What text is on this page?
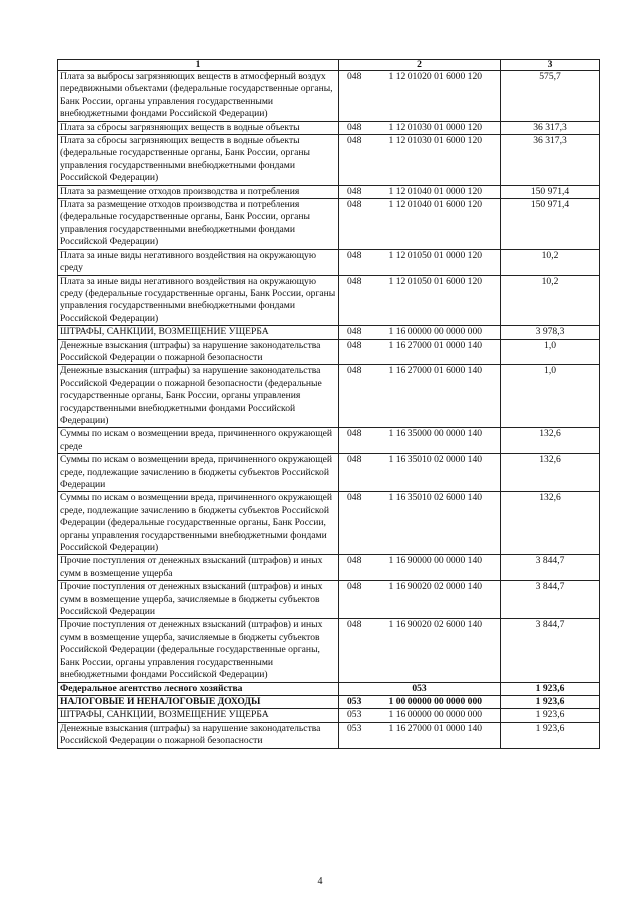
1	2		3
Плата за выбросы загрязняющих веществ в атмосферный воздух передвижными объектами (федеральные государственные органы, Банк России, органы управления государственными внебюджетными фондами Российской Федерации)	048	1 12 01020 01 6000 120	575,7
Плата за сбросы загрязняющих веществ в водные объекты	048	1 12 01030 01 0000 120	36 317,3
Плата за сбросы загрязняющих веществ в водные объекты (федеральные государственные органы, Банк России, органы управления государственными внебюджетными фондами Российской Федерации)	048	1 12 01030 01 6000 120	36 317,3
Плата за размещение отходов производства и потребления	048	1 12 01040 01 0000 120	150 971,4
Плата за размещение отходов производства и потребления (федеральные государственные органы, Банк России, органы управления государственными внебюджетными фондами Российской Федерации)	048	1 12 01040 01 6000 120	150 971,4
Плата за иные виды негативного воздействия на окружающую среду	048	1 12 01050 01 0000 120	10,2
Плата за иные виды негативного воздействия на окружающую среду (федеральные государственные органы, Банк России, органы управления государственными внебюджетными фондами Российской Федерации)	048	1 12 01050 01 6000 120	10,2
ШТРАФЫ, САНКЦИИ, ВОЗМЕЩЕНИЕ УЩЕРБА	048	1 16 00000 00 0000 000	3 978,3
Денежные взыскания (штрафы) за нарушение законодательства Российской Федерации о пожарной безопасности	048	1 16 27000 01 0000 140	1,0
Денежные взыскания (штрафы) за нарушение законодательства Российской Федерации о пожарной безопасности (федеральные государственные органы, Банк России, органы управления государственными внебюджетными фондами Российской Федерации)	048	1 16 27000 01 6000 140	1,0
Суммы по искам о возмещении вреда, причиненного окружающей среде	048	1 16 35000 00 0000 140	132,6
Суммы по искам о возмещении вреда, причиненного окружающей среде, подлежащие зачислению в бюджеты субъектов Российской Федерации	048	1 16 35010 02 0000 140	132,6
Суммы по искам о возмещении вреда, причиненного окружающей среде, подлежащие зачислению в бюджеты субъектов Российской Федерации (федеральные государственные органы, Банк России, органы управления государственными внебюджетными фондами Российской Федерации)	048	1 16 35010 02 6000 140	132,6
Прочие поступления от денежных взысканий (штрафов) и иных сумм в возмещение ущерба	048	1 16 90000 00 0000 140	3 844,7
Прочие поступления от денежных взысканий (штрафов) и иных сумм в возмещение ущерба, зачисляемые в бюджеты субъектов Российской Федерации	048	1 16 90020 02 0000 140	3 844,7
Прочие поступления от денежных взысканий (штрафов) и иных сумм в возмещение ущерба, зачисляемые в бюджеты субъектов Российской Федерации (федеральные государственные органы, Банк России, органы управления государственными внебюджетными фондами Российской Федерации)	048	1 16 90020 02 6000 140	3 844,7
Федеральное агентство лесного хозяйства	053		1 923,6
НАЛОГОВЫЕ И НЕНАЛОГОВЫЕ ДОХОДЫ	053	1 00 00000 00 0000 000	1 923,6
ШТРАФЫ, САНКЦИИ, ВОЗМЕЩЕНИЕ УЩЕРБА	053	1 16 00000 00 0000 000	1 923,6
Денежные взыскания (штрафы) за нарушение законодательства Российской Федерации о пожарной безопасности	053	1 16 27000 01 0000 140	1 923,6
4
